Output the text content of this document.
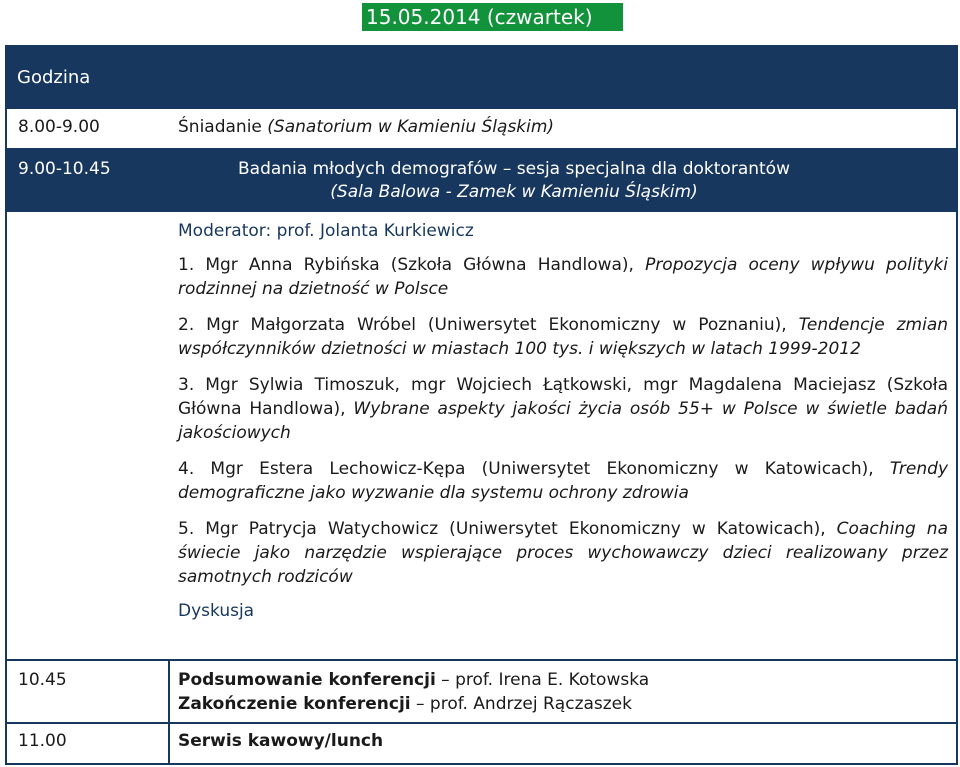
15.05.2014 (czwartek)
Godzina
8.00-9.00	Śniadanie (Sanatorium w Kamieniu Śląskim)
9.00-10.45	Badania młodych demografów – sesja specjalna dla doktorantów
(Sala Balowa - Zamek w Kamieniu Śląskim)
Moderator: prof. Jolanta Kurkiewicz
1. Mgr Anna Rybińska (Szkoła Główna Handlowa), Propozycja oceny wpływu polityki rodzinnej na dzietność w Polsce
2. Mgr Małgorzata Wróbel (Uniwersytet Ekonomiczny w Poznaniu), Tendencje zmian współczynników dzietności w miastach 100 tys. i większych w latach 1999-2012
3. Mgr Sylwia Timoszuk, mgr Wojciech Łątkowski, mgr Magdalena Maciejasz (Szkoła Główna Handlowa), Wybrane aspekty jakości życia osób 55+ w Polsce w świetle badań jakościowych
4. Mgr Estera Lechowicz-Kępa (Uniwersytet Ekonomiczny w Katowicach), Trendy demograficzne jako wyzwanie dla systemu ochrony zdrowia
5. Mgr Patrycja Watychowicz (Uniwersytet Ekonomiczny w Katowicach), Coaching na świecie jako narzędzie wspierające proces wychowawczy dzieci realizowany przez samotnych rodziców
Dyskusja
10.45	Podsumowanie konferencji – prof. Irena E. Kotowska
Zakończenie konferencji – prof. Andrzej Rączaszek
11.00	Serwis kawowy/lunch
